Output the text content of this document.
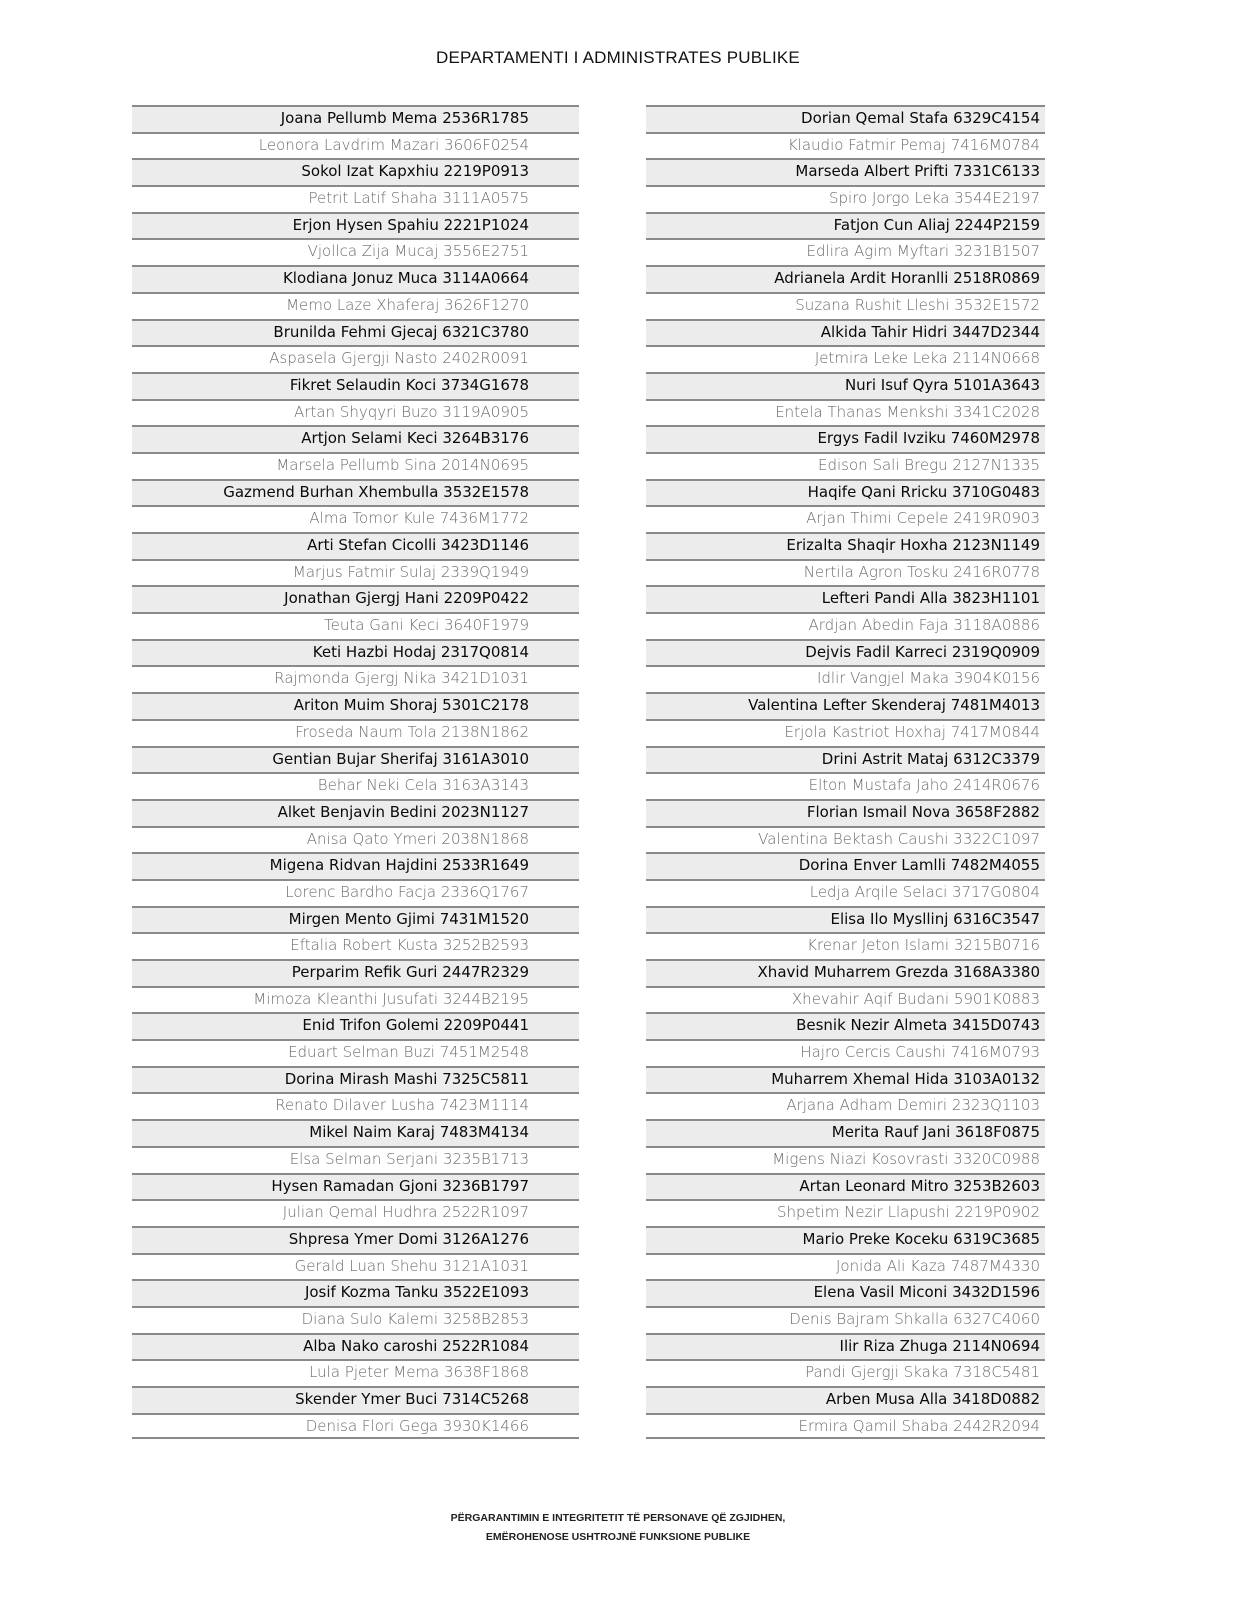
DEPARTAMENTI I ADMINISTRATES PUBLIKE
Joana Pellumb Mema 2536R1785
Leonora Lavdrim Mazari 3606F0254
Sokol Izat Kapxhiu 2219P0913
Petrit Latif Shaha 3111A0575
Erjon Hysen Spahiu 2221P1024
Vjollca Zija Mucaj 3556E2751
Klodiana Jonuz Muca 3114A0664
Memo Laze Xhaferaj 3626F1270
Brunilda Fehmi Gjecaj 6321C3780
Aspasela Gjergji Nasto 2402R0091
Fikret Selaudin Koci 3734G1678
Artan Shyqyri Buzo 3119A0905
Artjon Selami Keci 3264B3176
Marsela Pellumb Sina 2014N0695
Gazmend Burhan Xhembulla 3532E1578
Alma Tomor Kule 7436M1772
Arti Stefan Cicolli 3423D1146
Marjus Fatmir Sulaj 2339Q1949
Jonathan Gjergj Hani 2209P0422
Teuta Gani Keci 3640F1979
Keti Hazbi Hodaj 2317Q0814
Rajmonda Gjergj Nika 3421D1031
Ariton Muim Shoraj 5301C2178
Froseda Naum Tola 2138N1862
Gentian Bujar Sherifaj 3161A3010
Behar Neki Cela 3163A3143
Alket Benjavin Bedini 2023N1127
Anisa Qato Ymeri 2038N1868
Migena Ridvan Hajdini 2533R1649
Lorenc Bardho Facja 2336Q1767
Mirgen Mento Gjimi 7431M1520
Eftalia Robert Kusta 3252B2593
Perparim Refik Guri 2447R2329
Mimoza Kleanthi Jusufati 3244B2195
Enid Trifon Golemi 2209P0441
Eduart Selman Buzi 7451M2548
Dorina Mirash Mashi 7325C5811
Renato Dilaver Lusha 7423M1114
Mikel Naim Karaj 7483M4134
Elsa Selman Serjani 3235B1713
Hysen Ramadan Gjoni 3236B1797
Julian Qemal Hudhra 2522R1097
Shpresa Ymer Domi 3126A1276
Gerald Luan Shehu 3121A1031
Josif Kozma Tanku 3522E1093
Diana Sulo Kalemi 3258B2853
Alba Nako caroshi 2522R1084
Lula Pjeter Mema 3638F1868
Skender Ymer Buci 7314C5268
Denisa Flori Gega 3930K1466
Dorian Qemal Stafa 6329C4154
Klaudio Fatmir Pemaj 7416M0784
Marseda Albert Prifti 7331C6133
Spiro Jorgo Leka 3544E2197
Fatjon Cun Aliaj 2244P2159
Edlira Agim Myftari 3231B1507
Adrianela Ardit Horanlli 2518R0869
Suzana Rushit Lleshi 3532E1572
Alkida Tahir Hidri 3447D2344
Jetmira Leke Leka 2114N0668
Nuri Isuf Qyra 5101A3643
Entela Thanas Menkshi 3341C2028
Ergys Fadil Ivziku 7460M2978
Edison Sali Bregu 2127N1335
Haqife Qani Rricku 3710G0483
Arjan Thimi Cepele 2419R0903
Erizalta Shaqir Hoxha 2123N1149
Nertila Agron Tosku 2416R0778
Lefteri Pandi Alla 3823H1101
Ardjan Abedin Faja 3118A0886
Dejvis Fadil Karreci 2319Q0909
Idlir Vangjel Maka 3904K0156
Valentina Lefter Skenderaj 7481M4013
Erjola Kastriot Hoxhaj 7417M0844
Drini Astrit Mataj 6312C3379
Elton Mustafa Jaho 2414R0676
Florian Ismail Nova 3658F2882
Valentina Bektash Caushi 3322C1097
Dorina Enver Lamlli 7482M4055
Ledja Arqile Selaci 3717G0804
Elisa Ilo Mysllinj 6316C3547
Krenar Jeton Islami 3215B0716
Xhavid Muharrem Grezda 3168A3380
Xhevahir Aqif Budani 5901K0883
Besnik Nezir Almeta 3415D0743
Hajro Cercis Caushi 7416M0793
Muharrem Xhemal Hida 3103A0132
Arjana Adham Demiri 2323Q1103
Merita Rauf Jani 3618F0875
Migens Niazi Kosovrasti 3320C0988
Artan Leonard Mitro 3253B2603
Shpetim Nezir Llapushi 2219P0902
Mario Preke Koceku 6319C3685
Jonida Ali Kaza 7487M4330
Elena Vasil Miconi 3432D1596
Denis Bajram Shkalla 6327C4060
Ilir Riza Zhuga 2114N0694
Pandi Gjergji Skaka 7318C5481
Arben Musa Alla 3418D0882
Ermira Qamil Shaba 2442R2094
PËRGARANTIMIN E INTEGRITETIT TË PERSONAVE QË ZGJIDHEN,
EMËROHENOSE USHTROJNË FUNKSIONE PUBLIKE
